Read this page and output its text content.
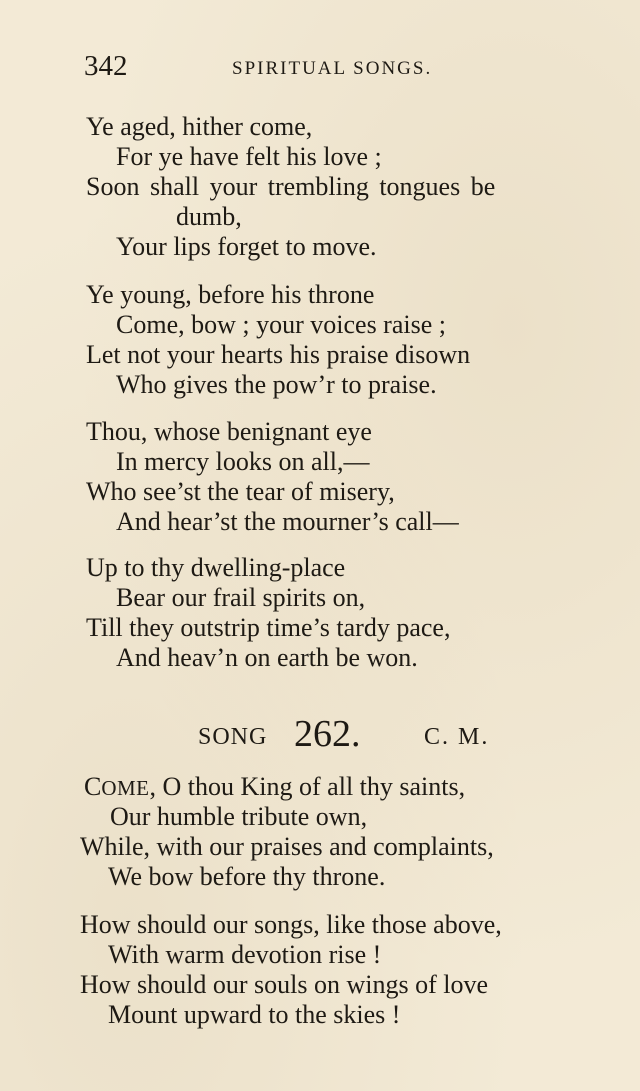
342	SPIRITUAL SONGS.
Ye aged, hither come,
For ye have felt his love ;
Soon shall your trembling tongues be
dumb,
Your lips forget to move.
Ye young, before his throne
Come, bow ; your voices raise ;
Let not your hearts his praise disown
Who gives the pow’r to praise.
Thou, whose benignant eye
In mercy looks on all,—
Who see’st the tear of misery,
And hear’st the mourner’s call—
Up to thy dwelling-place
Bear our frail spirits on,
Till they outstrip time’s tardy pace,
And heav’n on earth be won.
SONG 262.	C. M.
COME, O thou King of all thy saints,
Our humble tribute own,
While, with our praises and complaints,
We bow before thy throne.
How should our songs, like those above,
With warm devotion rise !
How should our souls on wings of love
Mount upward to the skies !
